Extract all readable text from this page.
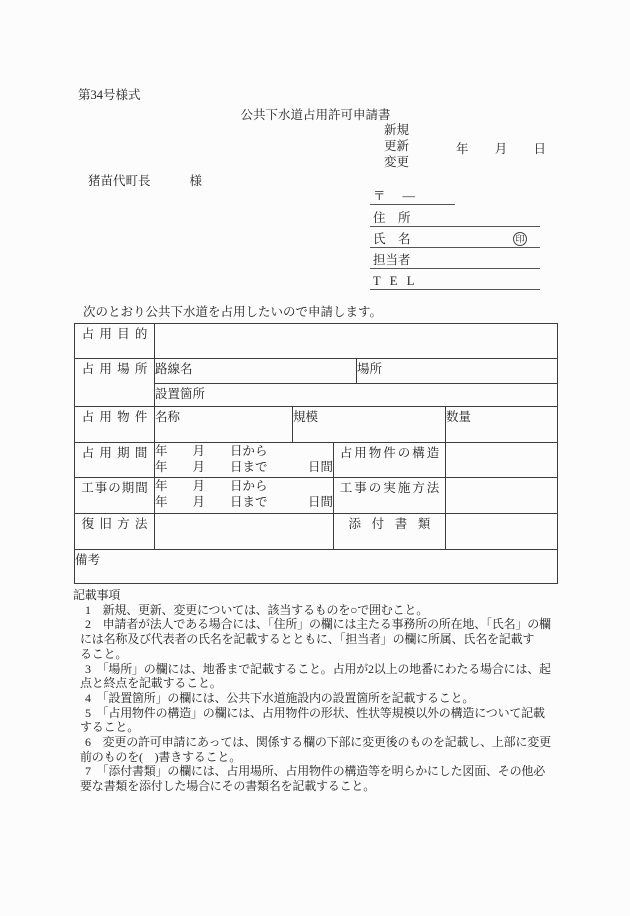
第34号様式
公共下水道占用許可申請書
新規
更新
変更
年 月 日
猪苗代町長	様
〒 ―
住　所
氏　名	印
担当者
T E L
次のとおり公共下水道を占用したいので申請します。
占用目的					
占用場所	路線名			場所	
	設置箇所				
占用物件	名称	規模			数量
占用期間	年　　月　　日から
年　　月　　日まで 日間		占用物件の構造		
工事の期間	年　　月　　日から
年　　月　　日まで 日間		工事の実施方法		
復旧方法			添付書類		
備考					
記載事項
1　新規、更新、変更については、該当するものを○で囲むこと。
2　申請者が法人である場合には、「住所」の欄には主たる事務所の所在地、「氏名」の欄
には名称及び代表者の氏名を記載するとともに、「担当者」の欄に所属、氏名を記載す
ること。
3　「場所」の欄には、地番まで記載すること。占用が2以上の地番にわたる場合には、起
点と終点を記載すること。
4　「設置箇所」の欄には、公共下水道施設内の設置箇所を記載すること。
5　「占用物件の構造」の欄には、占用物件の形状、性状等規模以外の構造について記載
すること。
6　変更の許可申請にあっては、関係する欄の下部に変更後のものを記載し、上部に変更
前のものを(　)書きすること。
7　「添付書類」の欄には、占用場所、占用物件の構造等を明らかにした図面、その他必
要な書類を添付した場合にその書類名を記載すること。
